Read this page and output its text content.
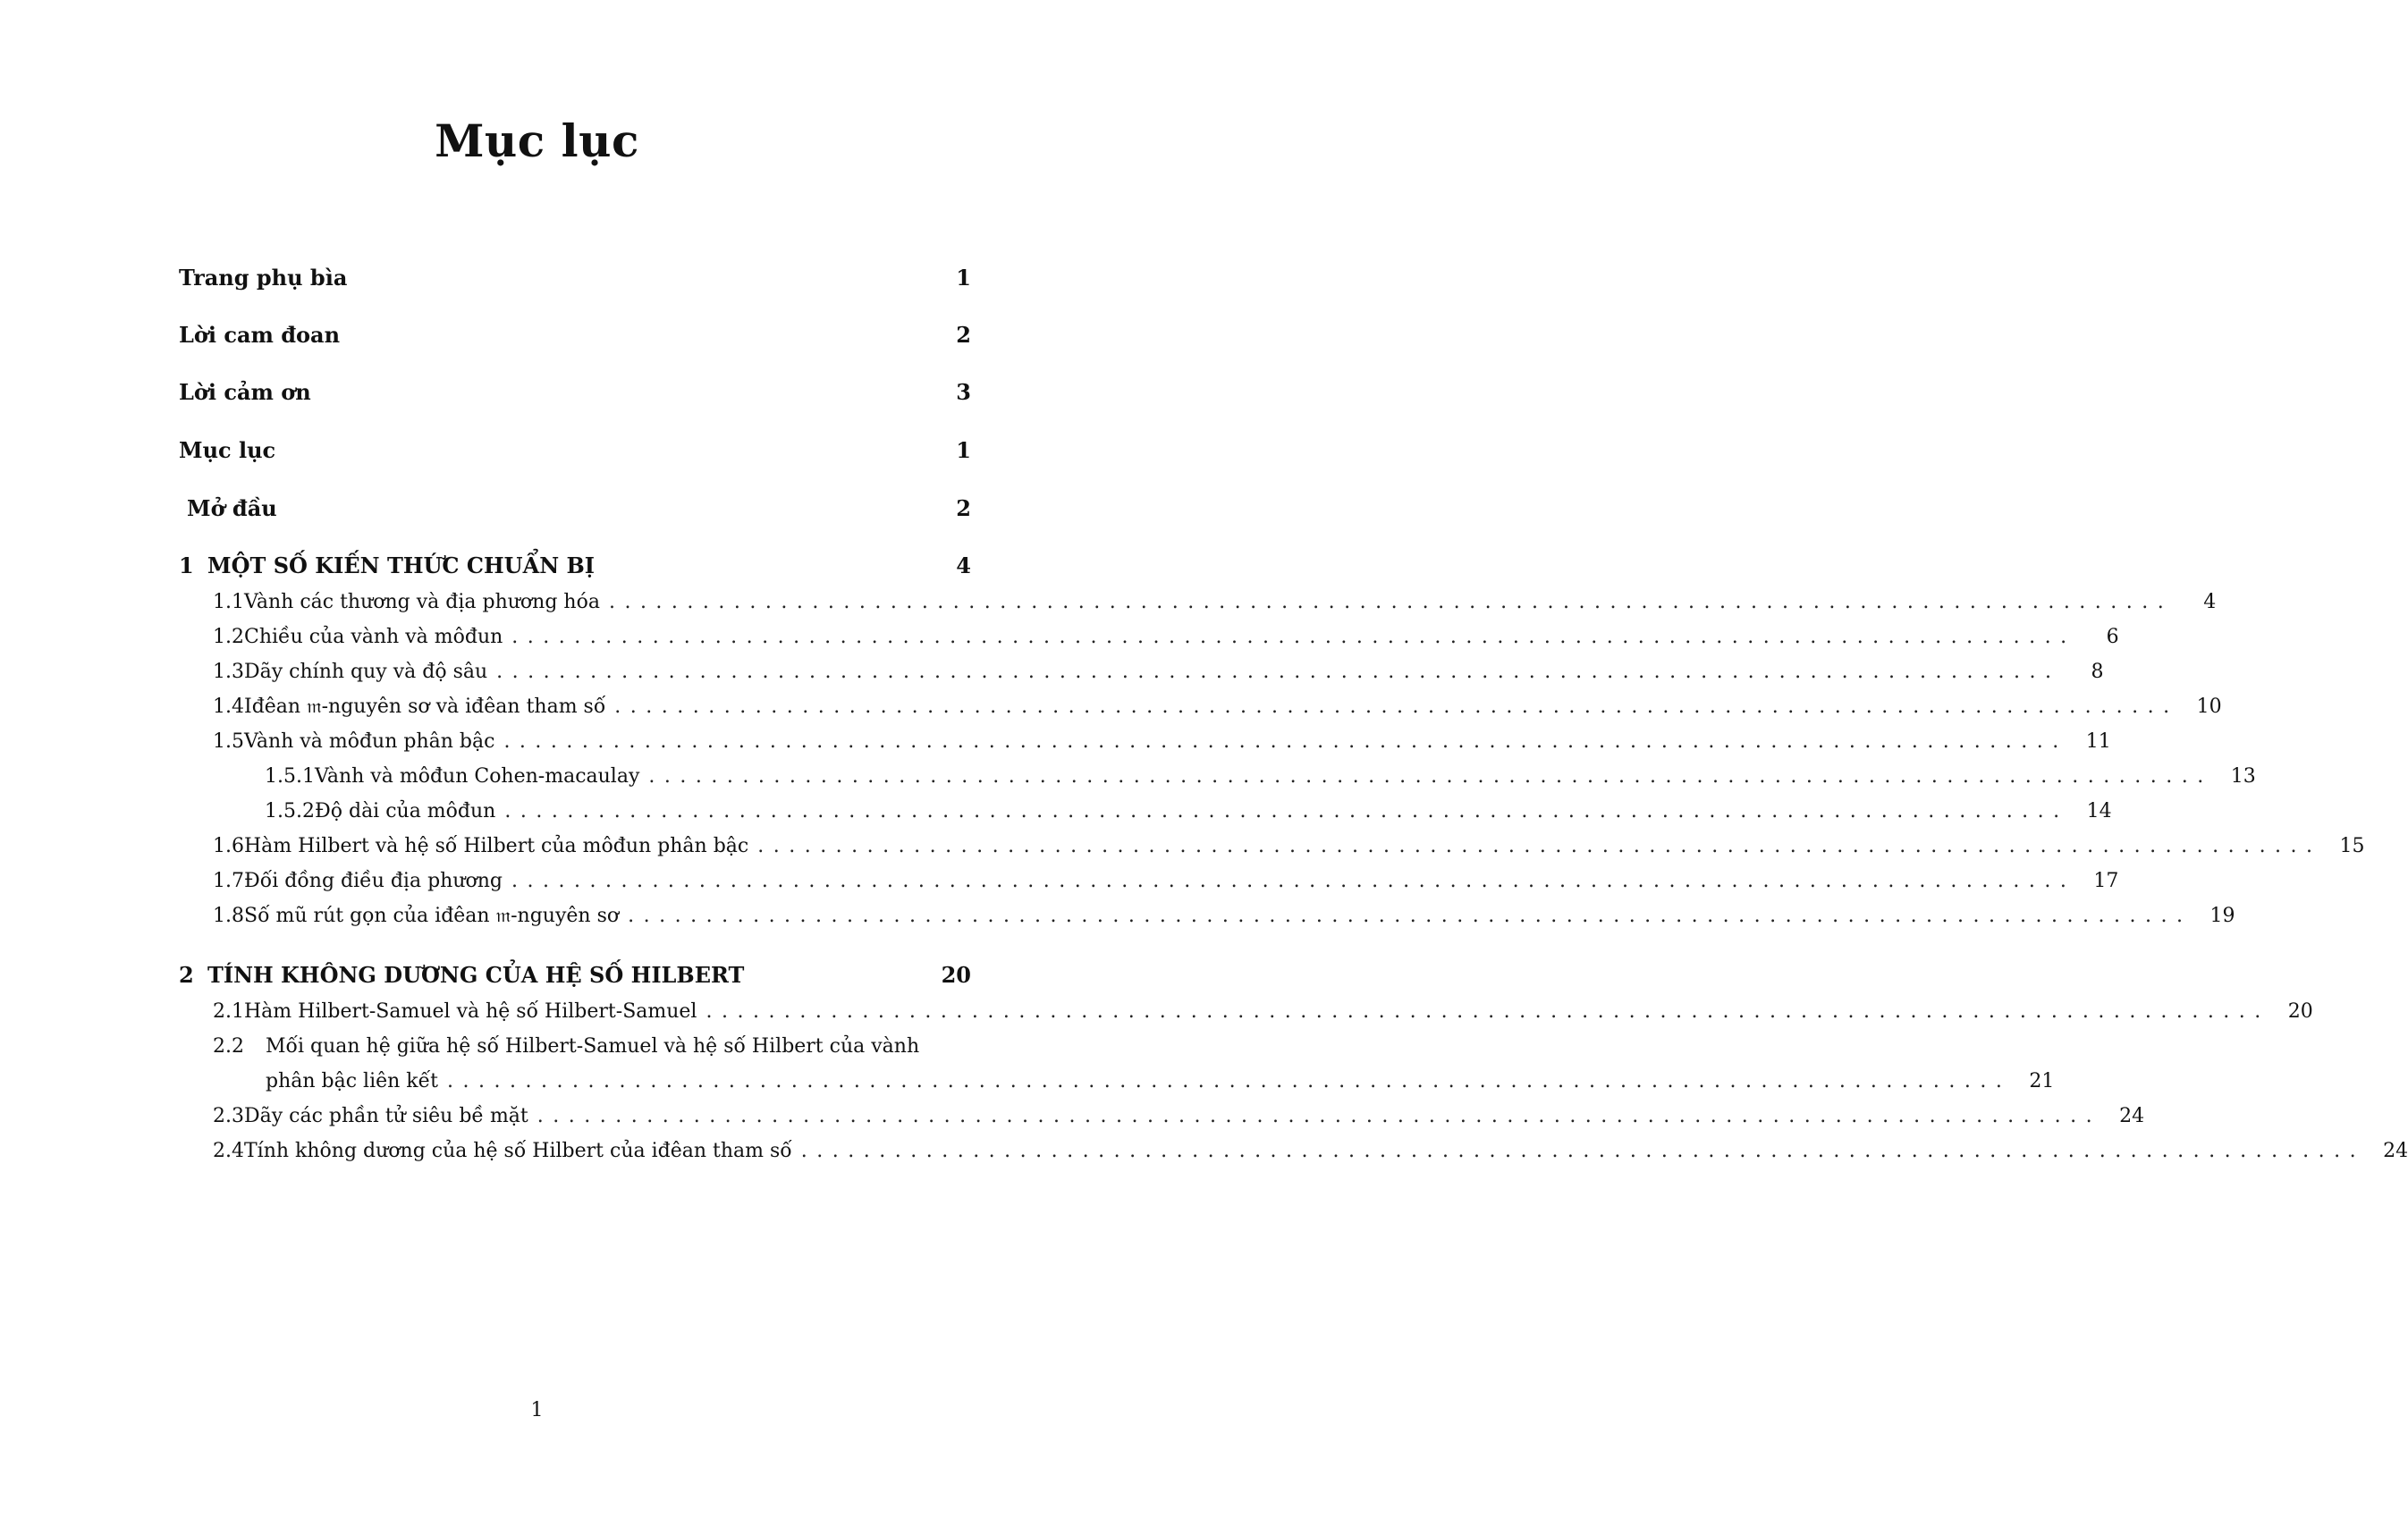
Mục lục
Trang phụ bìa	1
Lời cam đoan	2
Lời cảm ơn	3
Mục lục	1
Mở đầu	2
1 MỘT SỐ KIẾN THỨC CHUẨN BỊ	4
1.1 Vành các thương và địa phương hóa ....................................................................................................	4
1.2 Chiều của vành và môđun ....................................................................................................	6
1.3 Dãy chính quy và độ sâu ....................................................................................................	8
1.4 Iđêan 𝔪-nguyên sơ và iđêan tham số .................................................................................................... 10
1.5 Vành và môđun phân bậc .................................................................................................... 11
1.5.1 Vành và môđun Cohen-macaulay .................................................................................................... 13
1.5.2 Độ dài của môđun .................................................................................................... 14
1.6 Hàm Hilbert và hệ số Hilbert của môđun phân bậc .................................................................................................... 15
1.7 Đối đồng điều địa phương .................................................................................................... 17
1.8 Số mũ rút gọn của iđêan 𝔪-nguyên sơ .................................................................................................... 19
2 TÍNH KHÔNG DƯƠNG CỦA HỆ SỐ HILBERT	20
2.1 Hàm Hilbert-Samuel và hệ số Hilbert-Samuel .................................................................................................... 20
2.2	Mối quan hệ giữa hệ số Hilbert-Samuel và hệ số Hilbert của vành
phân bậc liên kết .................................................................................................... 21
2.3 Dãy các phần tử siêu bề mặt .................................................................................................... 24
2.4 Tính không dương của hệ số Hilbert của iđêan tham số .................................................................................................... 24
1
